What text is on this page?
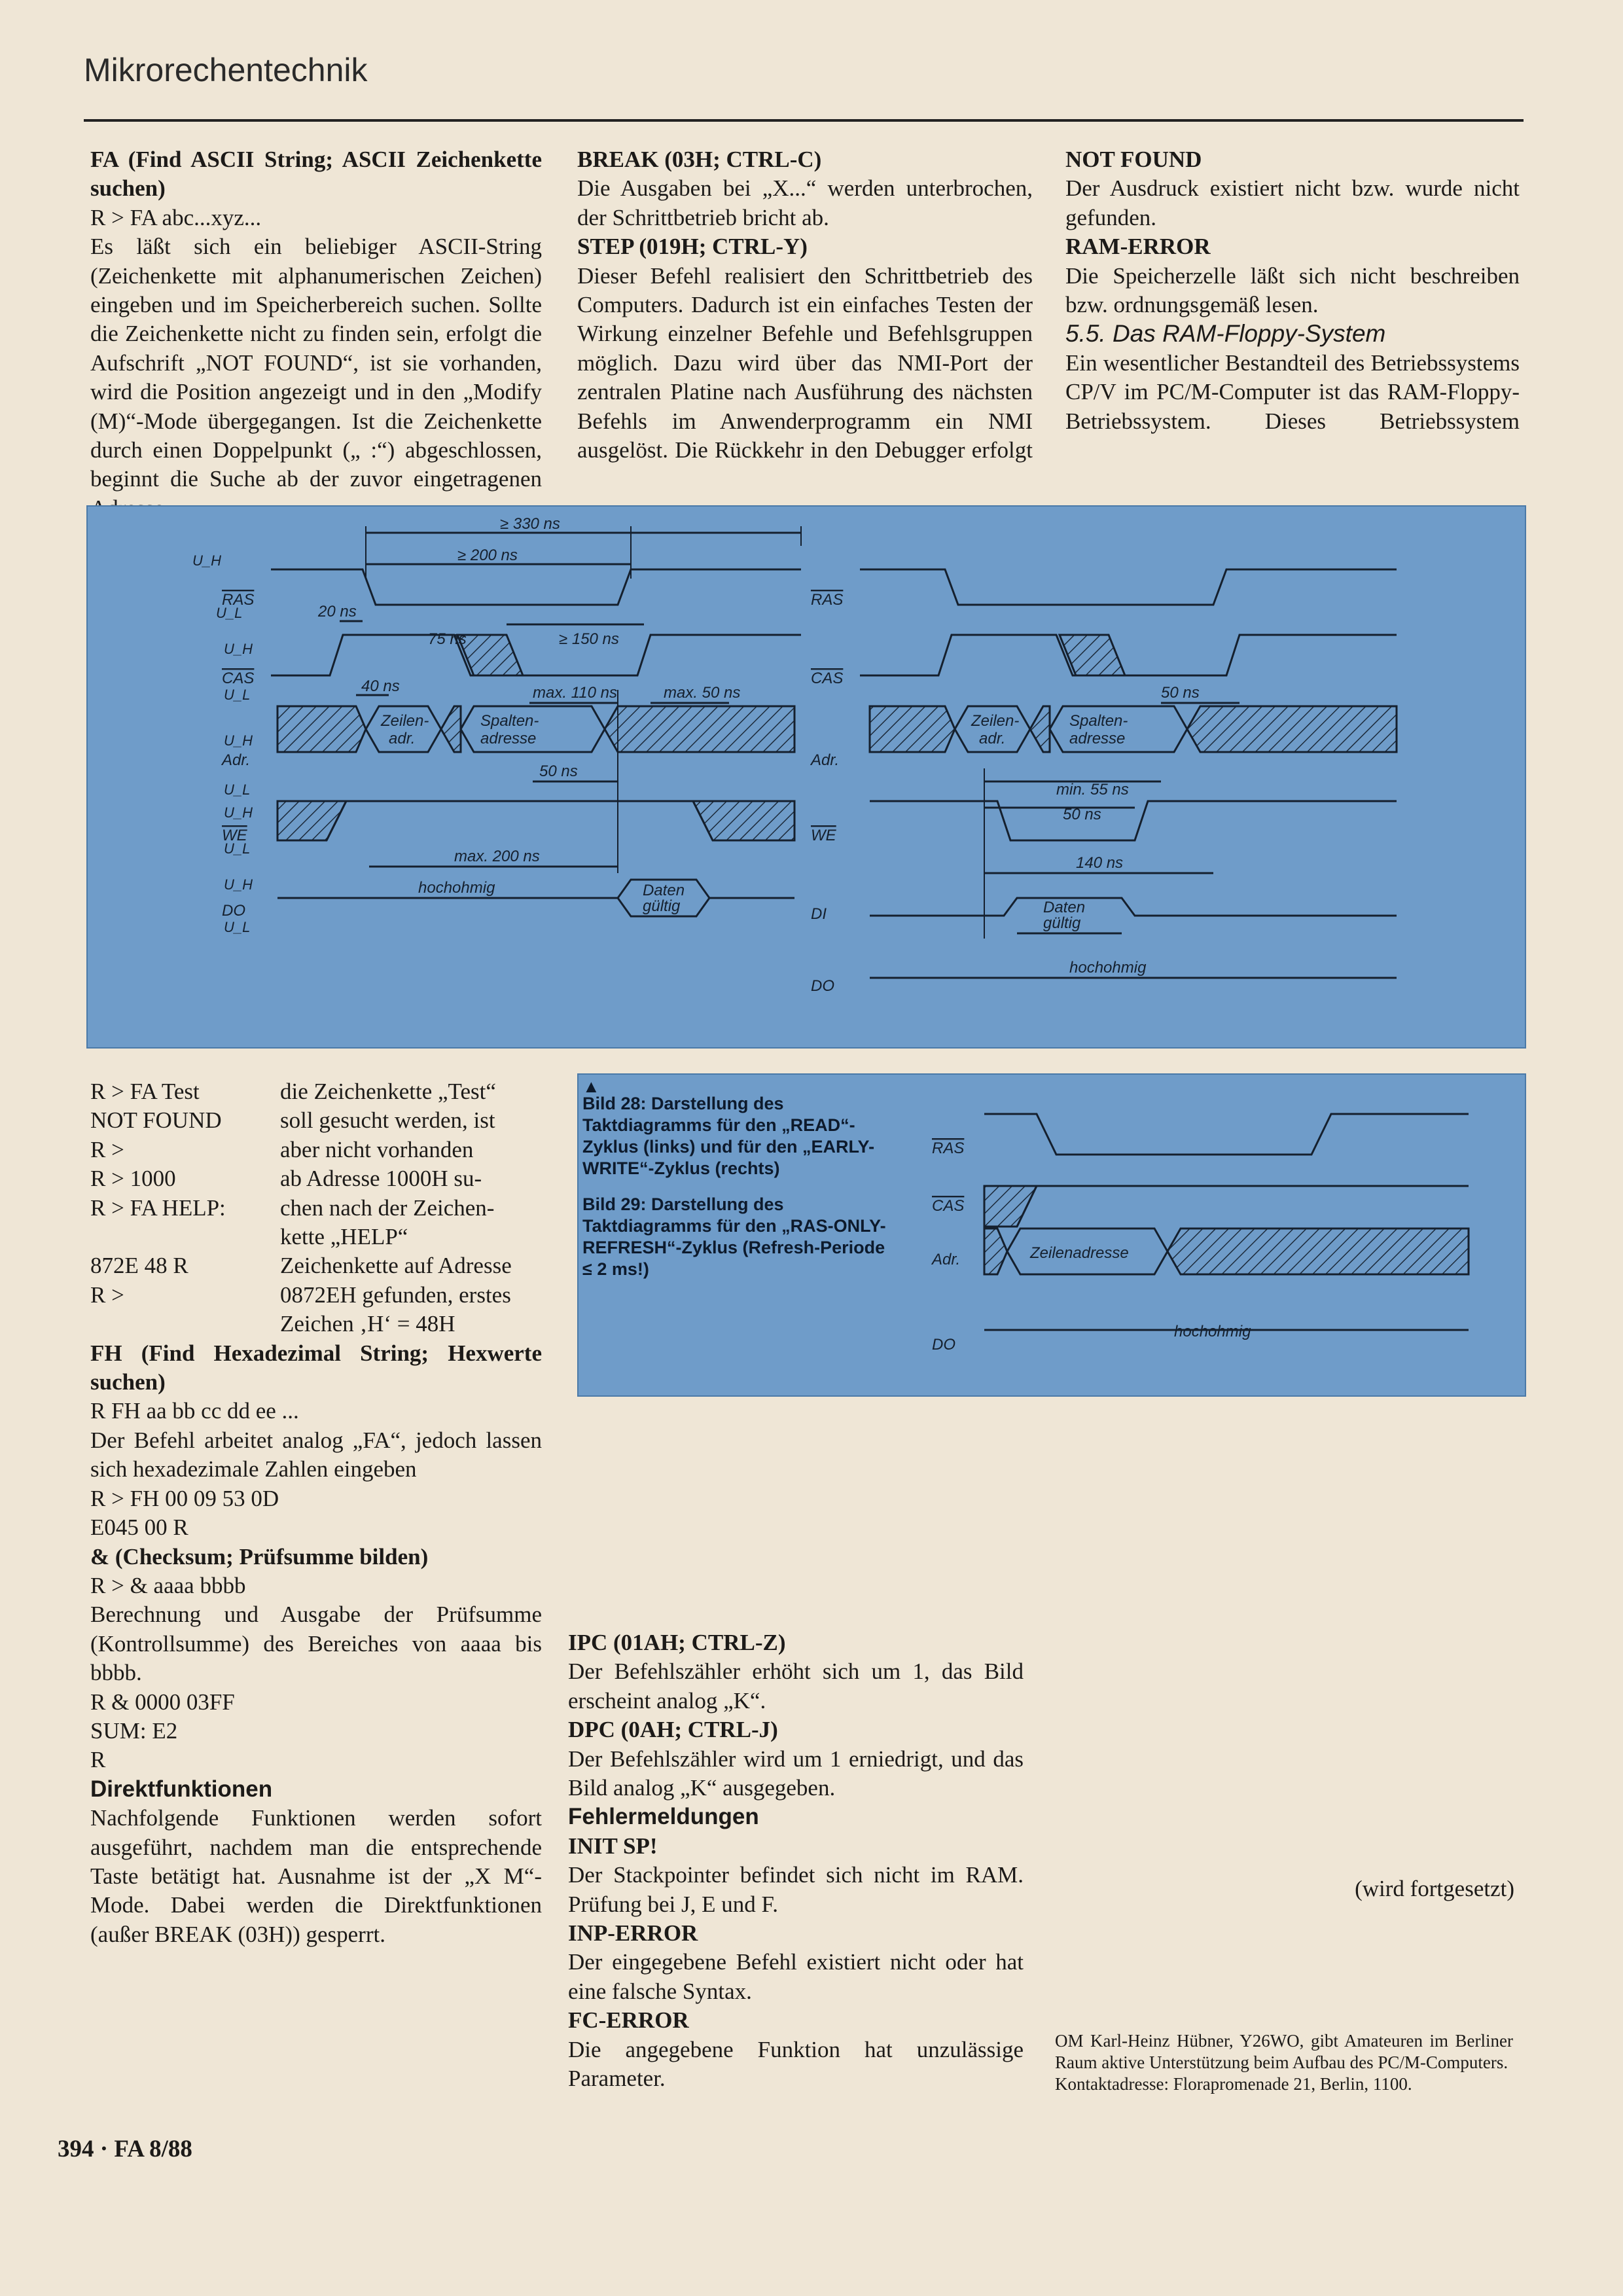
Mikrorechentechnik

FA (Find ASCII String; ASCII Zeichenkette suchen)

R > FA abc...xyz...

Es läßt sich ein beliebiger ASCII-String (Zeichenkette mit alphanumerischen Zeichen) eingeben und im Speicherbereich suchen. Sollte die Zeichenkette nicht zu finden sein, erfolgt die Aufschrift „NOT FOUND“, ist sie vorhanden, wird die Position angezeigt und in den „Modify (M)“-Mode übergegangen. Ist die Zeichenkette durch einen Doppelpunkt („ :“) abgeschlossen, beginnt die Suche ab der zuvor eingetragenen

BREAK (03H; CTRL-C)

Die Ausgaben bei „X...“ werden unterbrochen, der Schrittbetrieb bricht ab.

STEP (019H; CTRL-Y)

Dieser Befehl realisiert den Schrittbetrieb des Computers. Dadurch ist ein einfaches Testen der Wirkung einzelner Befehle und Befehlsgruppen möglich. Dazu wird über das NMI-Port der zentralen Platine nach Ausführung des nächsten Befehls im Anwenderprogramm ein NMI ausgelöst. Die Rückkehr in den Debugger erfolgt

NOT FOUND

Der Ausdruck existiert nicht bzw. wurde nicht gefunden.

RAM-ERROR

Die Speicherzelle läßt sich nicht beschreiben bzw. ordnungsgemäß lesen.

5.5. Das RAM-Floppy-System

Ein wesentlicher Bestandteil des Betriebssystems CP/V im PC/M-Computer ist das RAM-Floppy-Betriebssystem. Dieses Betriebssystem

U_H
U_L
U_H
U_L
U_H
U_L
U_H
U_L
U_H
U_L
RAS
CAS
Adr.
WE
DO
≥ 330 ns
≥ 200 ns
20 ns
75 ns	≥ 150 ns
40 ns	max. 110 ns	max. 50 ns
50 ns
max. 200 ns
Zeilen-
adr.
Spalten-
adresse
hochohmig	Daten
gültig
RAS
CAS
Adr.
WE
DI
DO
50 ns
min. 55 ns
50 ns
140 ns
Zeilen-
adr.
Spalten-
adresse
Daten
gültig
hochohmig
R > FA Test	die Zeichenkette „Test“
NOT FOUND	soll gesucht werden, ist
R >	aber nicht vorhanden
R > 1000	ab Adresse 1000H su-
R > FA HELP:	chen nach der Zeichen-
kette „HELP“
872E 48 R	Zeichenkette auf Adresse
R >	0872EH gefunden, erstes
Zeichen ‚H‘ = 48H

FH (Find Hexadezimal String; Hexwerte suchen)

R FH aa bb cc dd ee ...

Der Befehl arbeitet analog „FA“, jedoch lassen sich hexadezimale Zahlen eingeben

R > FH 00 09 53 0D

E045 00 R

& (Checksum; Prüfsumme bilden)

R > & aaaa bbbb

Berechnung und Ausgabe der Prüfsumme (Kontrollsumme) des Bereiches von aaaa bis bbbb.

R & 0000 03FF

SUM: E2

R

Direktfunktionen

Nachfolgende Funktionen werden sofort ausgeführt, nachdem man die entsprechende Taste betätigt hat. Ausnahme ist der „X M“-Mode. Dabei werden die Direktfunktionen (außer BREAK (03H)) gesperrt.

RAS
CAS
Adr.
DO
Zeilenadresse
hochohmig

▲

Bild 28: Darstellung des Taktdiagramms für den „READ“-Zyklus (links) und für den „EARLY-WRITE“-Zyklus (rechts)

Bild 29: Darstellung des Taktdiagramms für den „RAS-ONLY-REFRESH“-Zyklus (Refresh-Periode ≤ 2 ms!)

IPC (01AH; CTRL-Z)

Der Befehlszähler erhöht sich um 1, das Bild erscheint analog „K“.

DPC (0AH; CTRL-J)

Der Befehlszähler wird um 1 erniedrigt, und das Bild analog „K“ ausgegeben.

Fehlermeldungen

INIT SP!

Der Stackpointer befindet sich nicht im RAM. Prüfung bei J, E und F.

INP-ERROR

Der eingegebene Befehl existiert nicht oder hat eine falsche Syntax.

FC-ERROR

Die angegebene Funktion hat unzulässige Parameter.

(wird fortgesetzt)

OM Karl-Heinz Hübner, Y26WO, gibt Amateuren im Berliner Raum aktive Unterstützung beim Aufbau des PC/M-Computers.

Kontaktadresse: Florapromenade 21, Berlin, 1100.

394 · FA 8/88
